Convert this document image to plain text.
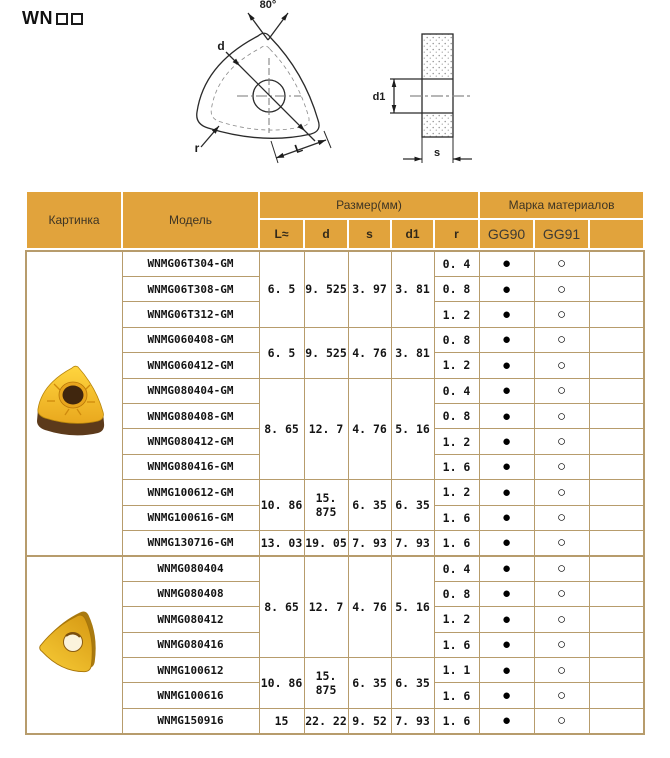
WN
80°
d
L
r
d1
s
Картинка	Модель	Размер(мм)					Марка материалов		
		L≈	d	s	d1	r	GG90	GG91	
	WNMG06T304-GM	6. 5	9. 525	3. 97	3. 81	0. 4	●	○	
	WNMG06T308-GM					0. 8	●	○	
	WNMG06T312-GM					1. 2	●	○	
	WNMG060408-GM	6. 5	9. 525	4. 76	3. 81	0. 8	●	○	
	WNMG060412-GM					1. 2	●	○	
	WNMG080404-GM	8. 65	12. 7	4. 76	5. 16	0. 4	●	○	
	WNMG080408-GM					0. 8	●	○	
	WNMG080412-GM					1. 2	●	○	
	WNMG080416-GM					1. 6	●	○	
	WNMG100612-GM	10. 86	15. 875	6. 35	6. 35	1. 2	●	○	
	WNMG100616-GM					1. 6	●	○	
	WNMG130716-GM	13. 03	19. 05	7. 93	7. 93	1. 6	●	○	
	WNMG080404	8. 65	12. 7	4. 76	5. 16	0. 4	●	○	
	WNMG080408					0. 8	●	○	
	WNMG080412					1. 2	●	○	
	WNMG080416					1. 6	●	○	
	WNMG100612	10. 86	15. 875	6. 35	6. 35	1. 1	●	○	
	WNMG100616					1. 6	●	○	
	WNMG150916	15	22. 22	9. 52	7. 93	1. 6	●	○	
